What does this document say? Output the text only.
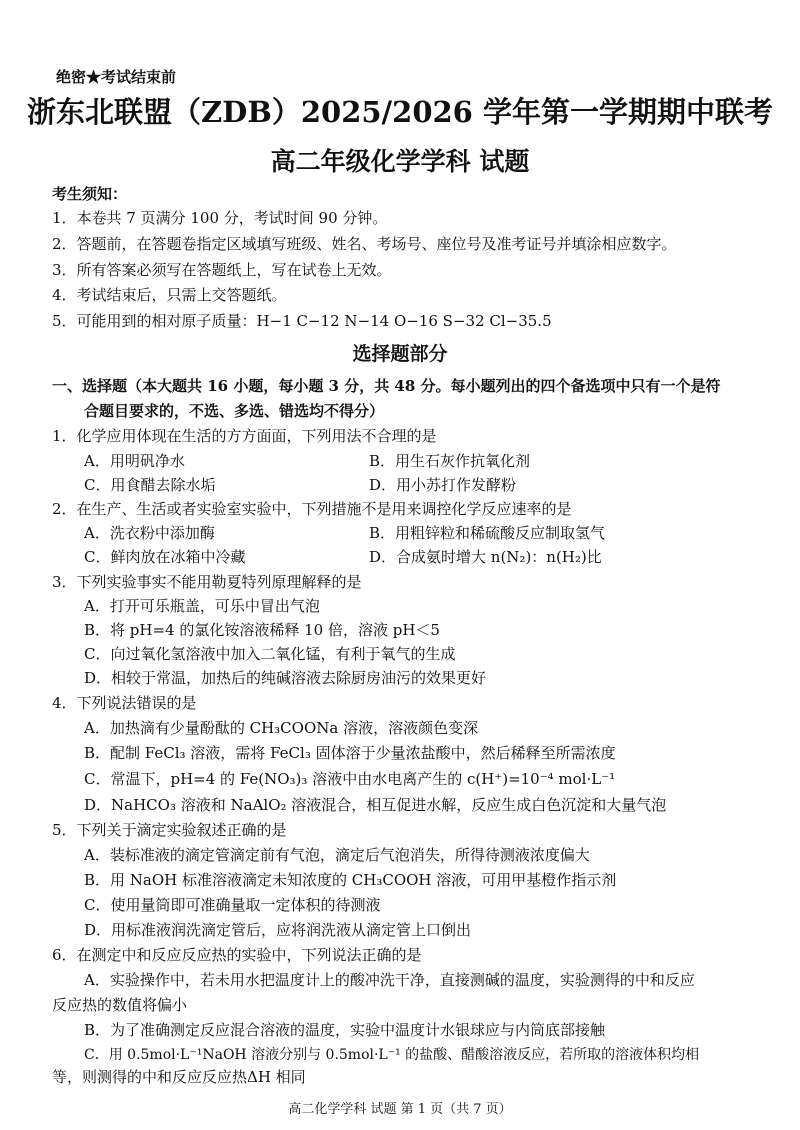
绝密★考试结束前
浙东北联盟（ZDB）2025/2026 学年第一学期期中联考
高二年级化学学科 试题
考生须知：
1．本卷共 7 页满分 100 分，考试时间 90 分钟。
2．答题前，在答题卷指定区域填写班级、姓名、考场号、座位号及准考证号并填涂相应数字。
3．所有答案必须写在答题纸上，写在试卷上无效。
4．考试结束后，只需上交答题纸。
5．可能用到的相对原子质量：H−1 C−12 N−14 O−16 S−32 Cl−35.5
选择题部分
一、选择题（本大题共 16 小题，每小题 3 分，共 48 分。每小题列出的四个备选项中只有一个是符
合题目要求的，不选、多选、错选均不得分）
1．化学应用体现在生活的方方面面，下列用法不合理的是
A．用明矾净水	B．用生石灰作抗氧化剂
C．用食醋去除水垢	D．用小苏打作发酵粉
2．在生产、生活或者实验室实验中，下列措施不是用来调控化学反应速率的是
A．洗衣粉中添加酶	B．用粗锌粒和稀硫酸反应制取氢气
C．鲜肉放在冰箱中冷藏	D．合成氨时增大 n(N₂)：n(H₂)比
3．下列实验事实不能用勒夏特列原理解释的是
A．打开可乐瓶盖，可乐中冒出气泡
B．将 pH=4 的氯化铵溶液稀释 10 倍，溶液 pH＜5
C．向过氧化氢溶液中加入二氧化锰，有利于氧气的生成
D．相较于常温，加热后的纯碱溶液去除厨房油污的效果更好
4．下列说法错误的是
A．加热滴有少量酚酞的 CH₃COONa 溶液，溶液颜色变深
B．配制 FeCl₃ 溶液，需将 FeCl₃ 固体溶于少量浓盐酸中，然后稀释至所需浓度
C．常温下，pH=4 的 Fe(NO₃)₃ 溶液中由水电离产生的 c(H⁺)=10⁻⁴ mol·L⁻¹
D．NaHCO₃ 溶液和 NaAlO₂ 溶液混合，相互促进水解，反应生成白色沉淀和大量气泡
5．下列关于滴定实验叙述正确的是
A．装标准液的滴定管滴定前有气泡，滴定后气泡消失，所得待测液浓度偏大
B．用 NaOH 标准溶液滴定未知浓度的 CH₃COOH 溶液，可用甲基橙作指示剂
C．使用量筒即可准确量取一定体积的待测液
D．用标准液润洗滴定管后，应将润洗液从滴定管上口倒出
6．在测定中和反应反应热的实验中，下列说法正确的是
A．实验操作中，若未用水把温度计上的酸冲洗干净，直接测碱的温度，实验测得的中和反应
反应热的数值将偏小
B．为了准确测定反应混合溶液的温度，实验中温度计水银球应与内筒底部接触
C．用 0.5mol·L⁻¹NaOH 溶液分别与 0.5mol·L⁻¹ 的盐酸、醋酸溶液反应，若所取的溶液体积均相
等，则测得的中和反应反应热ΔH 相同
高二化学学科 试题 第 1 页（共 7 页）
